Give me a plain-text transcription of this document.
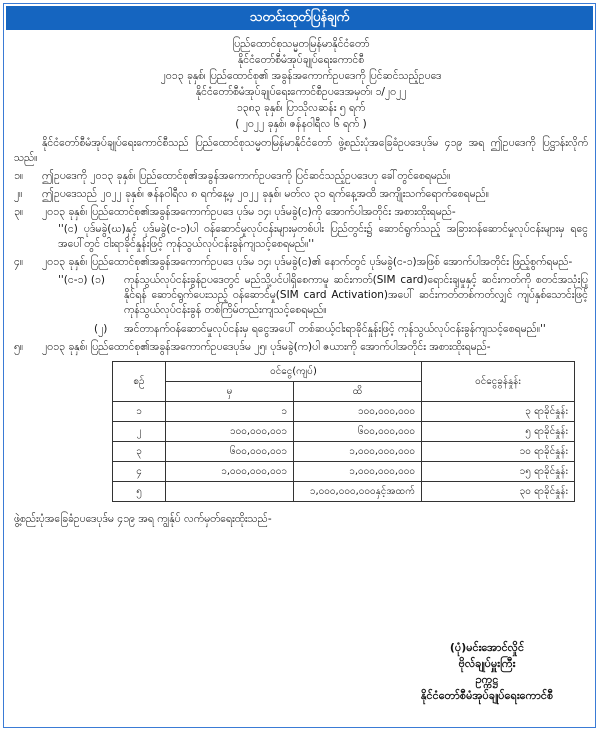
သတင်းထုတ်ပြန်ချက်
ပြည်ထောင်စုသမ္မတမြန်မာနိုင်ငံတော်
နိုင်ငံတော်စီမံအုပ်ချုပ်ရေးကောင်စီ
၂၀၁၃ ခုနှစ်၊ ပြည်ထောင်စု၏ အခွန်အကောက်ဥပဒေကို ပြင်ဆင်သည့်ဥပဒေ
နိုင်ငံတော်စီမံအုပ်ချုပ်ရေးကောင်စီဥပဒေအမှတ်၊ ၁/၂၀၂၂
၁၃၈၃ ခုနှစ်၊ ပြာသိုလဆန်း ၅ ရက်
( ၂၀၂၂ ခုနှစ်၊ ဇန်နဝါရီလ ၆ ရက် )
နိုင်ငံတော်စီမံအုပ်ချုပ်ရေးကောင်စီသည် ပြည်ထောင်စုသမ္မတမြန်မာနိုင်ငံတော် ဖွဲ့စည်းပုံအခြေခံဥပဒေပုဒ်မ ၄၁၉ အရ ဤဥပဒေကို ပြဋ္ဌာန်းလိုက်သည်။
၁။ ဤဥပဒေကို ၂၀၁၃ ခုနှစ်၊ ပြည်ထောင်စု၏အခွန်အကောက်ဥပဒေကို ပြင်ဆင်သည့်ဥပဒေဟု ခေါ်တွင်စေရမည်။
၂။ ဤဥပဒေသည် ၂၀၂၂ ခုနှစ်၊ ဇန်နဝါရီလ ၈ ရက်နေ့မှ ၂၀၂၂ ခုနှစ်၊ မတ်လ ၃၁ ရက်နေ့အထိ အကျိုးသက်ရောက်စေရမည်။
၃။ ၂၀၁၃ ခုနှစ်၊ ပြည်ထောင်စု၏အခွန်အကောက်ဥပဒေ ပုဒ်မ ၁၄၊ ပုဒ်မခွဲ(င)ကို အောက်ပါအတိုင်း အစားထိုးရမည်-
''(င) ပုဒ်မခွဲ(ဃ)နှင့် ပုဒ်မခွဲ(င-၁)ပါ ဝန်ဆောင်မှုလုပ်ငန်းများမှတစ်ပါး ပြည်တွင်း၌ ဆောင်ရွက်သည့် အခြားဝန်ဆောင်မှုလုပ်ငန်းများမှ ရငွေအပေါ်တွင် ငါးရာခိုင်နှုန်းဖြင့် ကုန်သွယ်လုပ်ငန်းခွန်ကျသင့်စေရမည်။''
၄။ ၂၀၁၃ ခုနှစ်၊ ပြည်ထောင်စု၏အခွန်အကောက်ဥပဒေ ပုဒ်မ ၁၄၊ ပုဒ်မခွဲ(င)၏ နောက်တွင် ပုဒ်မခွဲ(င-၁)အဖြစ် အောက်ပါအတိုင်း ဖြည့်စွက်ရမည်-
''(င-၁) (၁) ကုန်သွယ်လုပ်ငန်းခွန်ဥပဒေတွင် မည်သို့ပင်ပါရှိစေကာမူ ဆင်းကတ်(SIM card)ရောင်းချမှုနှင့် ဆင်းကတ်ကို စတင်အသုံးပြုနိုင်ရန် ဆောင်ရွက်ပေးသည့် ဝန်ဆောင်မှု(SIM card Activation)အပေါ် ဆင်းကတ်တစ်ကတ်လျှင် ကျပ်နှစ်သောင်းဖြင့် ကုန်သွယ်လုပ်ငန်းခွန် တစ်ကြိမ်တည်းကျသင့်စေရမည်။
(၂) အင်တာနက်ဝန်ဆောင်မှုလုပ်ငန်းမှ ရငွေအပေါ် တစ်ဆယ့်ငါးရာခိုင်နှုန်းဖြင့် ကုန်သွယ်လုပ်ငန်းခွန်ကျသင့်စေရမည်။''
၅။ ၂၀၁၃ ခုနှစ်၊ ပြည်ထောင်စု၏အခွန်အကောက်ဥပဒေပုဒ်မ ၂၅၊ ပုဒ်မခွဲ(က)ပါ ဇယားကို အောက်ပါအတိုင်း အစားထိုးရမည်-
စဉ်	ဝင်ငွေ(ကျပ်)		ဝင်ငွေခွန်နှုန်း
	မှ	ထိ	
၁	၁	၁၀၀,၀၀၀,၀၀၀	၃ ရာခိုင်နှုန်း
၂	၁၀၀,၀၀၀,၀၀၁	၆၀၀,၀၀၀,၀၀၀	၅ ရာခိုင်နှုန်း
၃	၆၀၀,၀၀၀,၀၀၁	၁,၀၀၀,၀၀၀,၀၀၀	၁၀ ရာခိုင်နှုန်း
၄	၁,၀၀၀,၀၀၀,၀၀၁	၁,၀၀၀,၀၀၀,၀၀၀	၁၅ ရာခိုင်နှုန်း
၅		၁,၀၀၀,၀၀၀,၀၀၀နှင့်အထက်	၃၀ ရာခိုင်နှုန်း
ဖွဲ့စည်းပုံအခြေခံဥပဒေပုဒ်မ ၄၁၉ အရ ကျွန်ုပ် လက်မှတ်ရေးထိုးသည်-
(ပုံ)မင်းအောင်လှိုင်
ဗိုလ်ချုပ်မှူးကြီး
ဥက္ကဋ္ဌ
နိုင်ငံတော်စီမံအုပ်ချုပ်ရေးကောင်စီ
